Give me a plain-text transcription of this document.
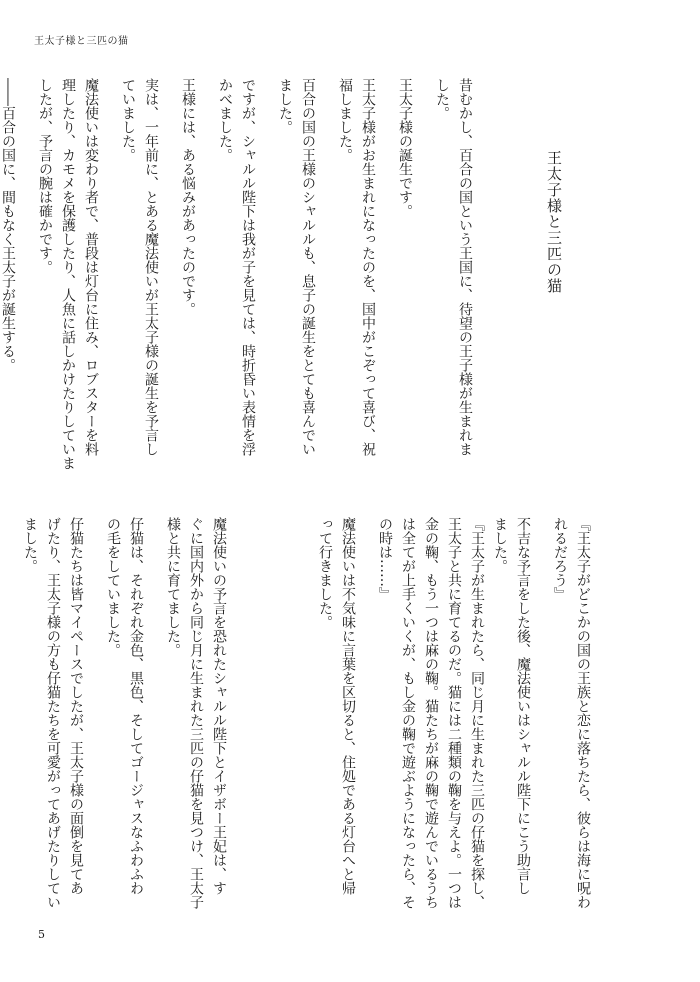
王太子様と三匹の猫
王太子様と三匹の猫
昔むかし、百合の国という王国に、待望の王子様が生まれま
した。
王太子様の誕生です。
王太子様がお生まれになったのを、国中がこぞって喜び、祝
福しました。
百合の国の王様のシャルルも、息子の誕生をとても喜んでい
ました。
ですが、シャルル陛下は我が子を見ては、時折昏い表情を浮
かべました。
王様には、ある悩みがあったのです。
実は、一年前に、とある魔法使いが王太子様の誕生を予言し
ていました。
魔法使いは変わり者で、普段は灯台に住み、ロブスターを料
理したり、カモメを保護したり、人魚に話しかけたりしていま
したが、予言の腕は確かです。
――百合の国に、間もなく王太子が誕生する。
『王太子がどこかの国の王族と恋に落ちたら、彼らは海に呪わ
れるだろう』
不吉な予言をした後、魔法使いはシャルル陛下にこう助言し
ました。
『王太子が生まれたら、同じ月に生まれた三匹の仔猫を探し、
王太子と共に育てるのだ。猫には二種類の鞠を与えよ。一つは
金の鞠、もう一つは麻の鞠。猫たちが麻の鞠で遊んでいるうち
は全てが上手くいくが、もし金の鞠で遊ぶようになったら、そ
の時は……』
魔法使いは不気味に言葉を区切ると、住処である灯台へと帰
って行きました。
魔法使いの予言を恐れたシャルル陛下とイザボー王妃は、す
ぐに国内外から同じ月に生まれた三匹の仔猫を見つけ、王太子
様と共に育てました。
仔猫は、それぞれ金色、黒色、そしてゴージャスなふわふわ
の毛をしていました。
仔猫たちは皆マイペースでしたが、王太子様の面倒を見てあ
げたり、王太子様の方も仔猫たちを可愛がってあげたりしてい
ました。
5
